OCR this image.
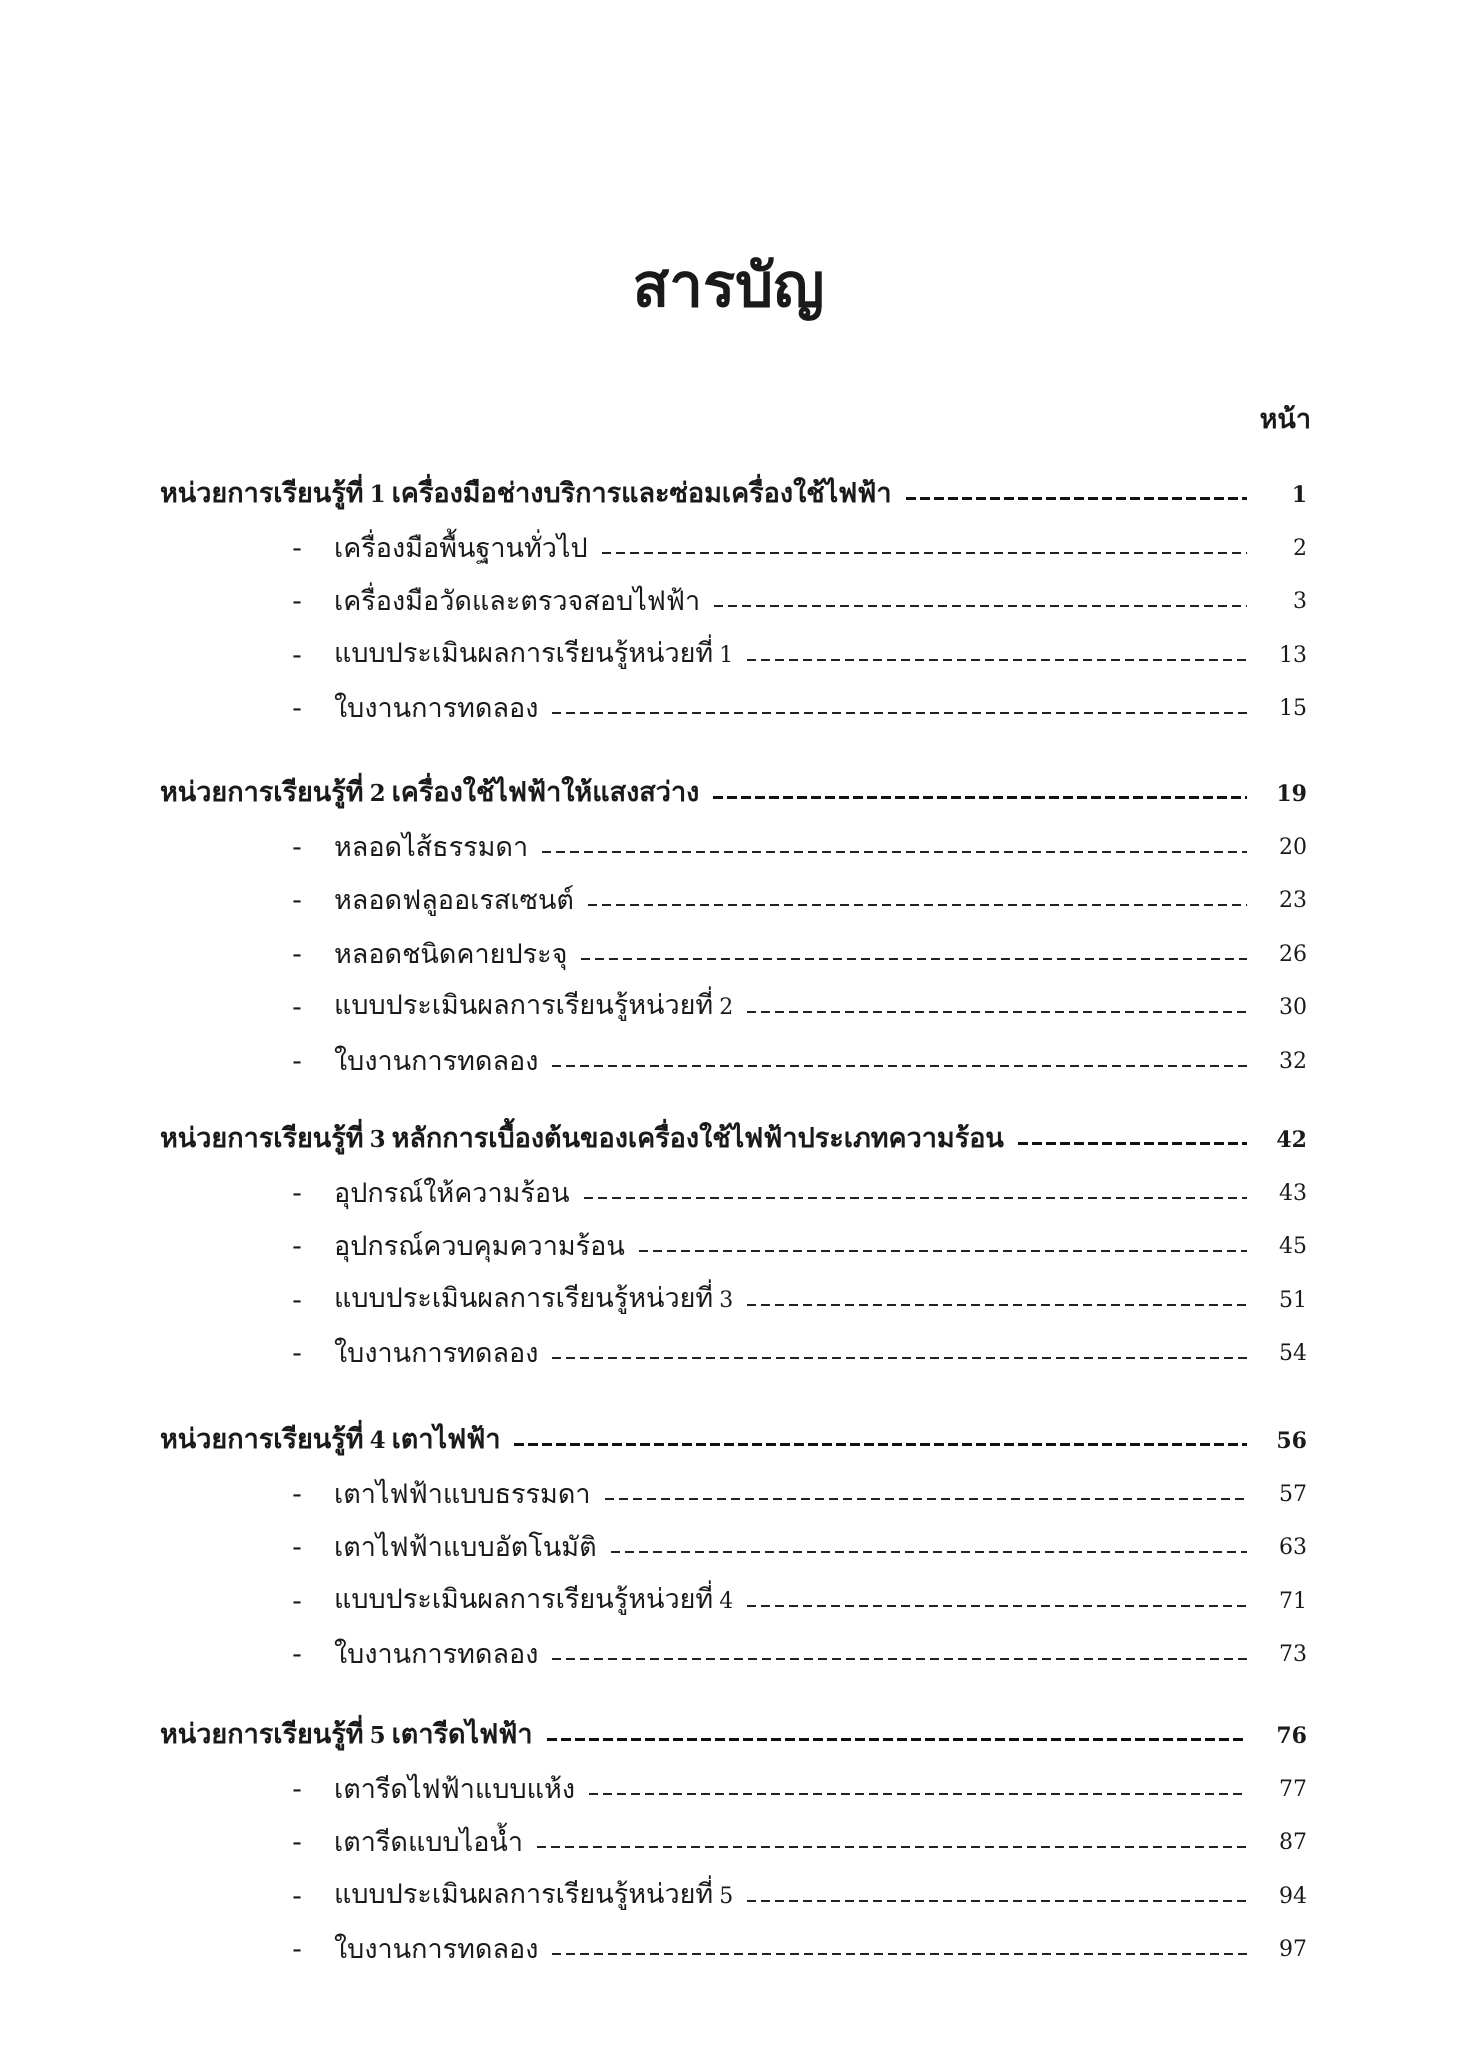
สารบัญ
หน้า
หน่วยการเรียนรู้ที่ 1 เครื่องมือช่างบริการและซ่อมเครื่องใช้ไฟฟ้า	1
-	เครื่องมือพื้นฐานทั่วไป	2
-	เครื่องมือวัดและตรวจสอบไฟฟ้า	3
-	แบบประเมินผลการเรียนรู้หน่วยที่ 1	13
-	ใบงานการทดลอง	15
หน่วยการเรียนรู้ที่ 2 เครื่องใช้ไฟฟ้าให้แสงสว่าง	19
-	หลอดไส้ธรรมดา	20
-	หลอดฟลูออเรสเซนต์	23
-	หลอดชนิดคายประจุ	26
-	แบบประเมินผลการเรียนรู้หน่วยที่ 2	30
-	ใบงานการทดลอง	32
หน่วยการเรียนรู้ที่ 3 หลักการเบื้องต้นของเครื่องใช้ไฟฟ้าประเภทความร้อน	42
-	อุปกรณ์ให้ความร้อน	43
-	อุปกรณ์ควบคุมความร้อน	45
-	แบบประเมินผลการเรียนรู้หน่วยที่ 3	51
-	ใบงานการทดลอง	54
หน่วยการเรียนรู้ที่ 4 เตาไฟฟ้า	56
-	เตาไฟฟ้าแบบธรรมดา	57
-	เตาไฟฟ้าแบบอัตโนมัติ	63
-	แบบประเมินผลการเรียนรู้หน่วยที่ 4	71
-	ใบงานการทดลอง	73
หน่วยการเรียนรู้ที่ 5 เตารีดไฟฟ้า	76
-	เตารีดไฟฟ้าแบบแห้ง	77
-	เตารีดแบบไอน้ำ	87
-	แบบประเมินผลการเรียนรู้หน่วยที่ 5	94
-	ใบงานการทดลอง	97
